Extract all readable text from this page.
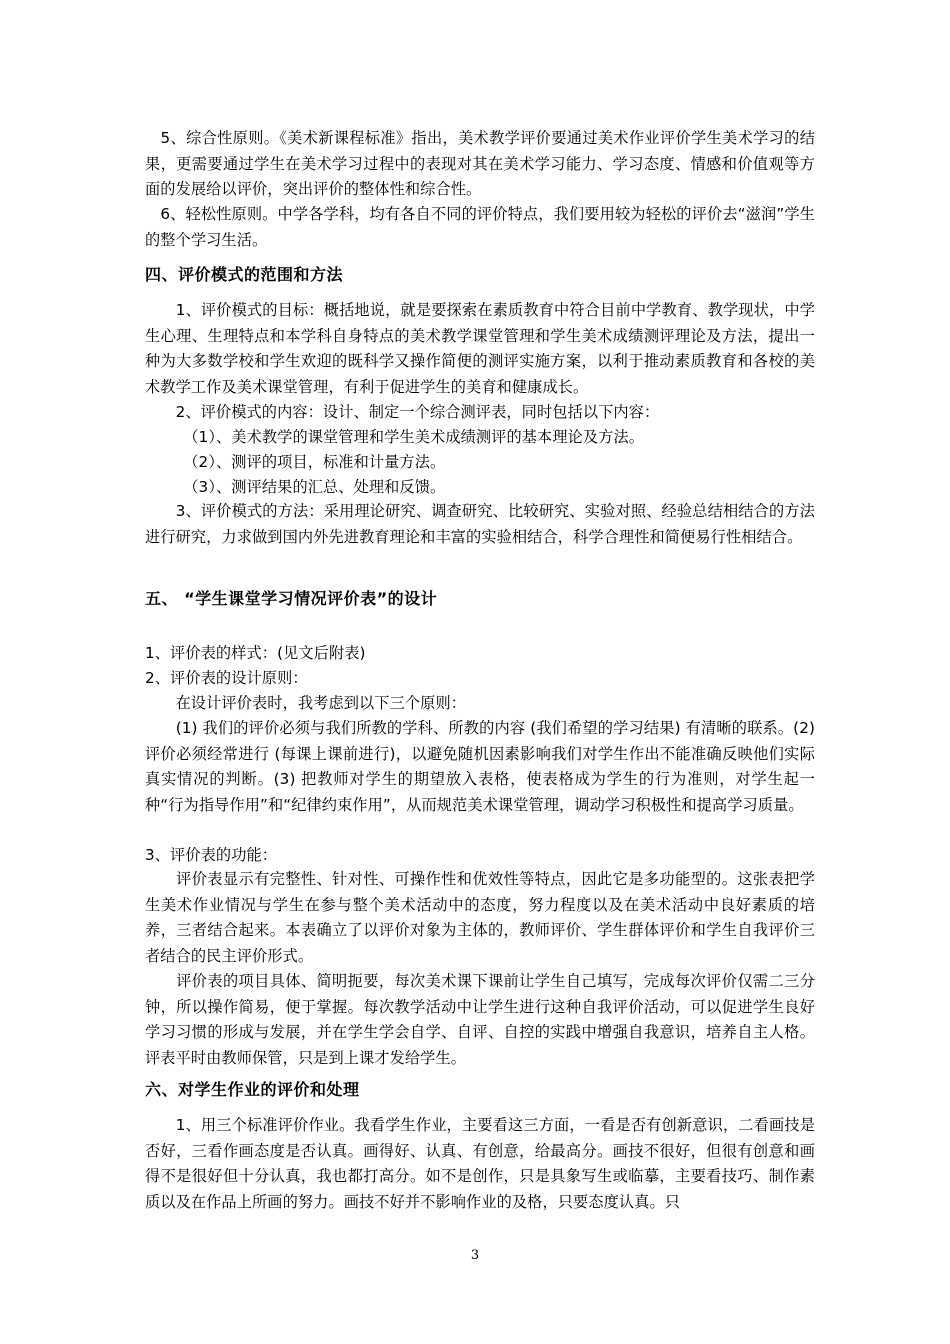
　5、综合性原则。《美术新课程标准》指出，美术教学评价要通过美术作业评价学生美术学习的结果，更需要通过学生在美术学习过程中的表现对其在美术学习能力、学习态度、情感和价值观等方面的发展给以评价，突出评价的整体性和综合性。

　6、轻松性原则。中学各学科，均有各自不同的评价特点，我们要用较为轻松的评价去“滋润”学生的整个学习生活。

四、评价模式的范围和方法

　　1、评价模式的目标：概括地说，就是要探索在素质教育中符合目前中学教育、教学现状，中学生心理、生理特点和本学科自身特点的美术教学课堂管理和学生美术成绩测评理论及方法，提出一种为大多数学校和学生欢迎的既科学又操作简便的测评实施方案，以利于推动素质教育和各校的美术教学工作及美术课堂管理，有利于促进学生的美育和健康成长。

　　2、评价模式的内容：设计、制定一个综合测评表，同时包括以下内容：

　　　（1）、美术教学的课堂管理和学生美术成绩测评的基本理论及方法。

　　　（2）、测评的项目，标准和计量方法。

　　　（3）、测评结果的汇总、处理和反馈。

　　3、评价模式的方法：采用理论研究、调查研究、比较研究、实验对照、经验总结相结合的方法进行研究，力求做到国内外先进教育理论和丰富的实验相结合，科学合理性和简便易行性相结合。

五、 “学生课堂学习情况评价表”的设计

1、评价表的样式：(见文后附表)

2、评价表的设计原则：

　　在设计评价表时，我考虑到以下三个原则：

　　(1) 我们的评价必须与我们所教的学科、所教的内容 (我们希望的学习结果) 有清晰的联系。(2) 评价必须经常进行 (每课上课前进行)，以避免随机因素影响我们对学生作出不能准确反映他们实际真实情况的判断。(3) 把教师对学生的期望放入表格，使表格成为学生的行为准则，对学生起一种“行为指导作用”和“纪律约束作用”，从而规范美术课堂管理，调动学习积极性和提高学习质量。

3、评价表的功能：

　　评价表显示有完整性、针对性、可操作性和优效性等特点，因此它是多功能型的。这张表把学生美术作业情况与学生在参与整个美术活动中的态度，努力程度以及在美术活动中良好素质的培养，三者结合起来。本表确立了以评价对象为主体的，教师评价、学生群体评价和学生自我评价三者结合的民主评价形式。

　　评价表的项目具体、简明扼要，每次美术课下课前让学生自己填写，完成每次评价仅需二三分钟，所以操作简易，便于掌握。每次教学活动中让学生进行这种自我评价活动，可以促进学生良好学习习惯的形成与发展，并在学生学会自学、自评、自控的实践中增强自我意识，培养自主人格。评表平时由教师保管，只是到上课才发给学生。

六、对学生作业的评价和处理

　　1、用三个标准评价作业。我看学生作业，主要看这三方面，一看是否有创新意识，二看画技是否好，三看作画态度是否认真。画得好、认真、有创意，给最高分。画技不很好，但很有创意和画得不是很好但十分认真，我也都打高分。如不是创作，只是具象写生或临摹，主要看技巧、制作素质以及在作品上所画的努力。画技不好并不影响作业的及格，只要态度认真。只

3
